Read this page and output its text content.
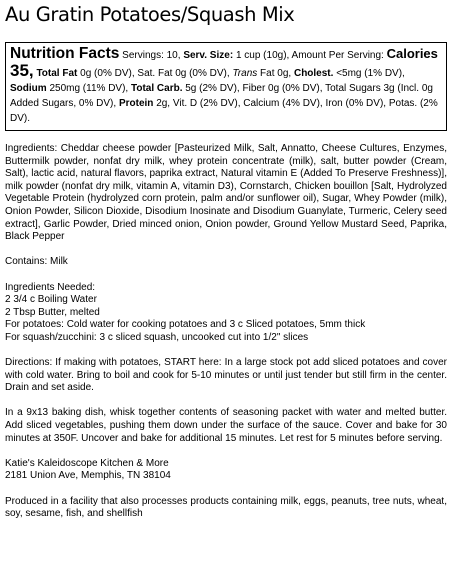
Au Gratin Potatoes/Squash Mix
Nutrition Facts Servings: 10, Serv. Size: 1 cup (10g), Amount Per Serving: Calories 35, Total Fat 0g (0% DV), Sat. Fat 0g (0% DV), Trans Fat 0g, Cholest. <5mg (1% DV), Sodium 250mg (11% DV), Total Carb. 5g (2% DV), Fiber 0g (0% DV), Total Sugars 3g (Incl. 0g Added Sugars, 0% DV), Protein 2g, Vit. D (2% DV), Calcium (4% DV), Iron (0% DV), Potas. (2% DV).

Ingredients: Cheddar cheese powder [Pasteurized Milk, Salt, Annatto, Cheese Cultures, Enzymes, Buttermilk powder, nonfat dry milk, whey protein concentrate (milk), salt, butter powder (Cream, Salt), lactic acid, natural flavors, paprika extract, Natural vitamin E (Added To Preserve Freshness)], milk powder (nonfat dry milk, vitamin A, vitamin D3), Cornstarch, Chicken bouillon [Salt, Hydrolyzed Vegetable Protein (hydrolyzed corn protein, palm and/or sunflower oil), Sugar, Whey Powder (milk), Onion Powder, Silicon Dioxide, Disodium Inosinate and Disodium Guanylate, Turmeric, Celery seed extract], Garlic Powder, Dried minced onion, Onion powder, Ground Yellow Mustard Seed, Paprika, Black Pepper

Contains: Milk

Ingredients Needed:
2 3/4 c Boiling Water
2 Tbsp Butter, melted
For potatoes: Cold water for cooking potatoes and 3 c Sliced potatoes, 5mm thick
For squash/zucchini: 3 c sliced squash, uncooked cut into 1/2" slices

Directions: If making with potatoes, START here: In a large stock pot add sliced potatoes and cover with cold water. Bring to boil and cook for 5-10 minutes or until just tender but still firm in the center. Drain and set aside.

In a 9x13 baking dish, whisk together contents of seasoning packet with water and melted butter. Add sliced vegetables, pushing them down under the surface of the sauce. Cover and bake for 30 minutes at 350F. Uncover and bake for additional 15 minutes. Let rest for 5 minutes before serving.

Katie's Kaleidoscope Kitchen & More
2181 Union Ave, Memphis, TN 38104

Produced in a facility that also processes products containing milk, eggs, peanuts, tree nuts, wheat, soy, sesame, fish, and shellfish
